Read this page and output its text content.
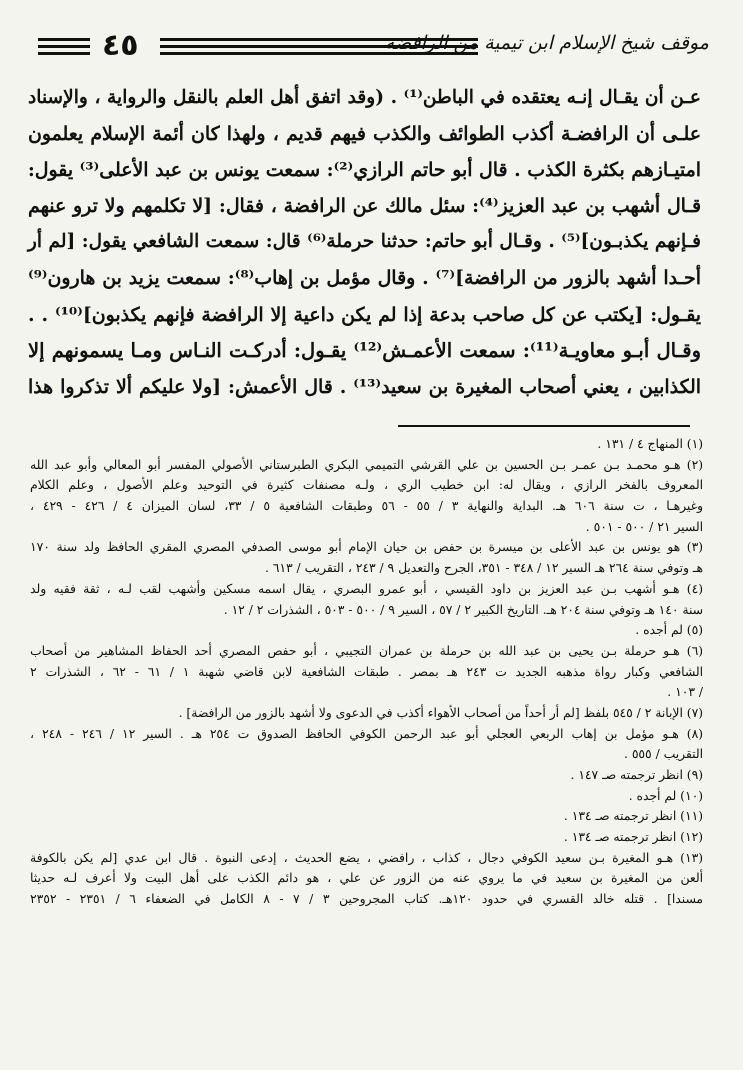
٤٥	موقف شيخ الإسلام ابن تيمية من الرافضة
عـن أن يقـال إنـه يعتقده في الباطن⁽¹⁾ . (وقد اتفق أهل العلم بالنقل والرواية ، والإسناد
علـى أن الرافضـة أكذب الطوائف والكذب فيهم قديم ، ولهذا كان أئمة الإسلام يعلمون
امتيـازهم بكثرة الكذب . قال أبو حاتم الرازي⁽²⁾: سمعت يونس بن عبد الأعلى⁽³⁾ يقول:
قـال أشهب بن عبد العزيز⁽⁴⁾: سئل مالك عن الرافضة ، فقال: [لا تكلمهم ولا ترو عنهم
فـإنهم يكذبـون]⁽⁵⁾ . وقـال أبو حاتم: حدثنا حرملة⁽⁶⁾ قال: سمعت الشافعي يقول: [لم أر
أحـدا أشهد بالزور من الرافضة]⁽⁷⁾ . وقال مؤمل بن إهاب⁽⁸⁾: سمعت يزيد بن هارون⁽⁹⁾
يقـول: [يكتب عن كل صاحب بدعة إذا لم يكن داعية إلا الرافضة فإنهم يكذبون]⁽¹⁰⁾ . .
وقـال أبـو معاويـة⁽¹¹⁾: سمعت الأعمـش⁽¹²⁾ يقـول: أدركـت النـاس ومـا يسمونهم إلا
الكذابين ، يعني أصحاب المغيرة بن سعيد⁽¹³⁾ . قال الأعمش: [ولا عليكم ألا تذكروا هذا
(١) المنهاج ٤ / ١٣١ .
(٢) هـو محمـد بـن عمـر بـن الحسين بن علي القرشي التميمي البكري الطبرستاني الأصولي المفسر أبو المعالي وأبو عبد الله
المعروف بالفخر الرازي ، ويقال له: ابن خطيب الري ، ولـه مصنفات كثيرة في التوحيد وعلم الأصول ، وعلم الكلام
وغيرهـا ، ت سنة ٦٠٦ هـ. البداية والنهاية ٣ / ٥٥ - ٥٦ وطبقات الشافعية ٥ / ٣٣، لسان الميزان ٤ / ٤٢٦ - ٤٢٩ ،
السير ٢١ / ٥٠٠ - ٥٠١ .
(٣) هو يونس بن عبد الأعلى بن ميسرة بن حفص بن حيان الإمام أبو موسى الصدفي المصري المقري الحافظ ولد سنة ١٧٠
هـ وتوفي سنة ٢٦٤ هـ السير ١٢ / ٣٤٨ - ٣٥١، الجرح والتعديل ٩ / ٢٤٣ ، التقريب / ٦١٣ .
(٤) هـو أشهب بـن عبد العزيز بن داود القيسي ، أبو عمرو البصري ، يقال اسمه مسكين وأشهب لقب لـه ، ثقة فقيه ولد
سنة ١٤٠ هـ وتوفي سنة ٢٠٤ هـ. التاريخ الكبير ٢ / ٥٧ ، السير ٩ / ٥٠٠ - ٥٠٣ ، الشذرات ٢ / ١٢ .
(٥) لم أجده .
(٦) هـو حرملة بـن يحيى بن عبد الله بن حرملة بن عمران التجيبي ، أبو حفص المصري أحد الحفاظ المشاهير من أصحاب
الشافعي وكبار رواة مذهبه الجديد ت ٢٤٣ هـ بمصر . طبقات الشافعية لابن قاضي شهبة ١ / ٦١ - ٦٢ ، الشذرات ٢
/ ١٠٣ .
(٧) الإبانة ٢ / ٥٤٥ بلفظ [لم أر أحداً من أصحاب الأهواء أكذب في الدعوى ولا أشهد بالزور من الرافضة] .
(٨) هـو مؤمل بن إهاب الربعي العجلي أبو عبد الرحمن الكوفي الحافظ الصدوق ت ٢٥٤ هـ . السير ١٢ / ٢٤٦ - ٢٤٨ ،
التقريب / ٥٥٥ .
(٩) انظر ترجمته صـ ١٤٧ .
(١٠) لم أجده .
(١١) انظر ترجمته صـ ١٣٤ .
(١٢) انظر ترجمته صـ ١٣٤ .
(١٣) هـو المغيرة بـن سعيد الكوفي دجال ، كذاب ، رافضي ، يضع الحديث ، إدعى النبوة . قال ابن عدي [لم يكن بالكوفة
ألعن من المغيرة بن سعيد في ما يروي عنه من الزور عن علي ، هو دائم الكذب على أهل البيت ولا أعرف لـه حديثا
مسندا] . قتله خالد القسري في حدود ١٢٠هـ. كتاب المجروحين ٣ / ٧ - ٨ الكامل في الضعفاء ٦ / ٢٣٥١ - ٢٣٥٢
